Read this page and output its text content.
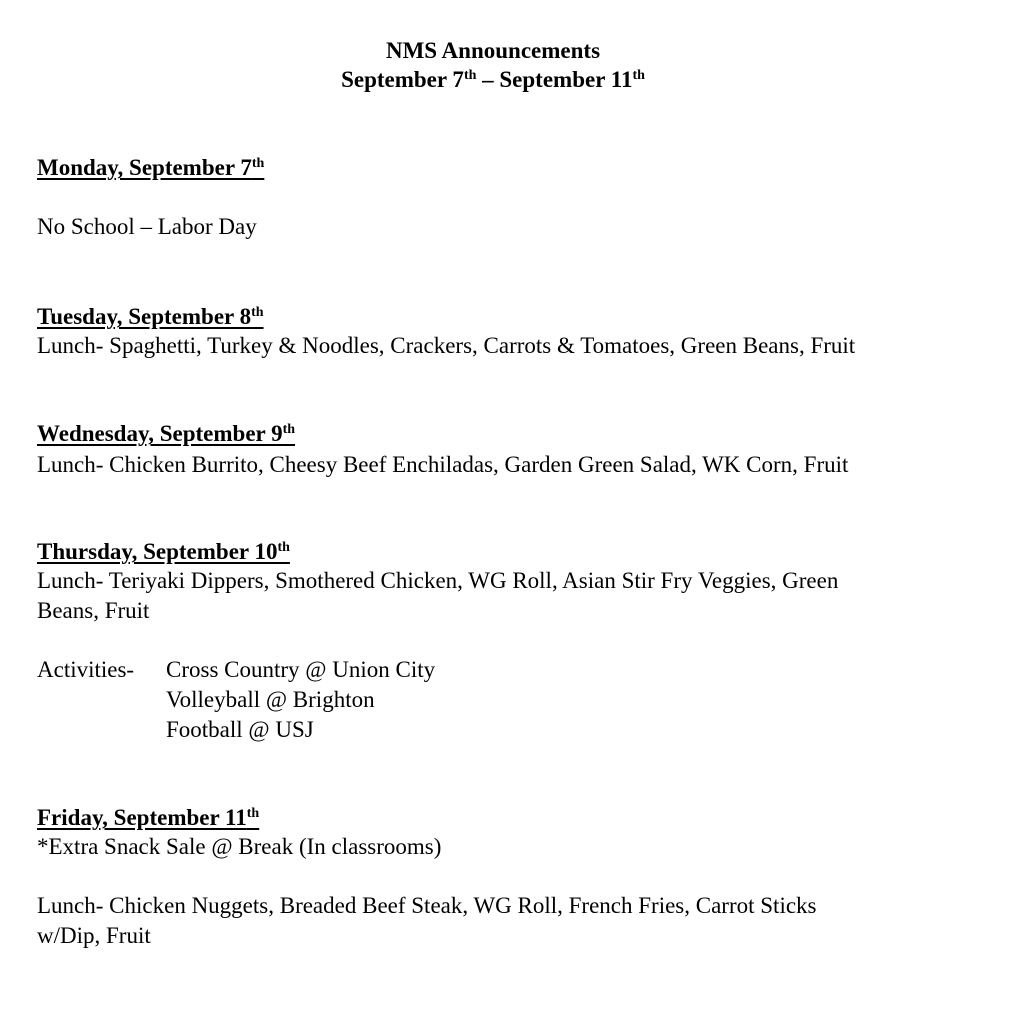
NMS Announcements
September 7th – September 11th
Monday, September 7th
No School – Labor Day
Tuesday, September 8th
Lunch- Spaghetti, Turkey & Noodles, Crackers, Carrots & Tomatoes, Green Beans, Fruit
Wednesday, September 9th
Lunch- Chicken Burrito, Cheesy Beef Enchiladas, Garden Green Salad, WK Corn, Fruit
Thursday, September 10th
Lunch- Teriyaki Dippers, Smothered Chicken, WG Roll, Asian Stir Fry Veggies, Green
Beans, Fruit
Activities- Cross Country @ Union City
Volleyball @ Brighton
Football @ USJ
Friday, September 11th
*Extra Snack Sale @ Break (In classrooms)
Lunch- Chicken Nuggets, Breaded Beef Steak, WG Roll, French Fries, Carrot Sticks
w/Dip, Fruit
